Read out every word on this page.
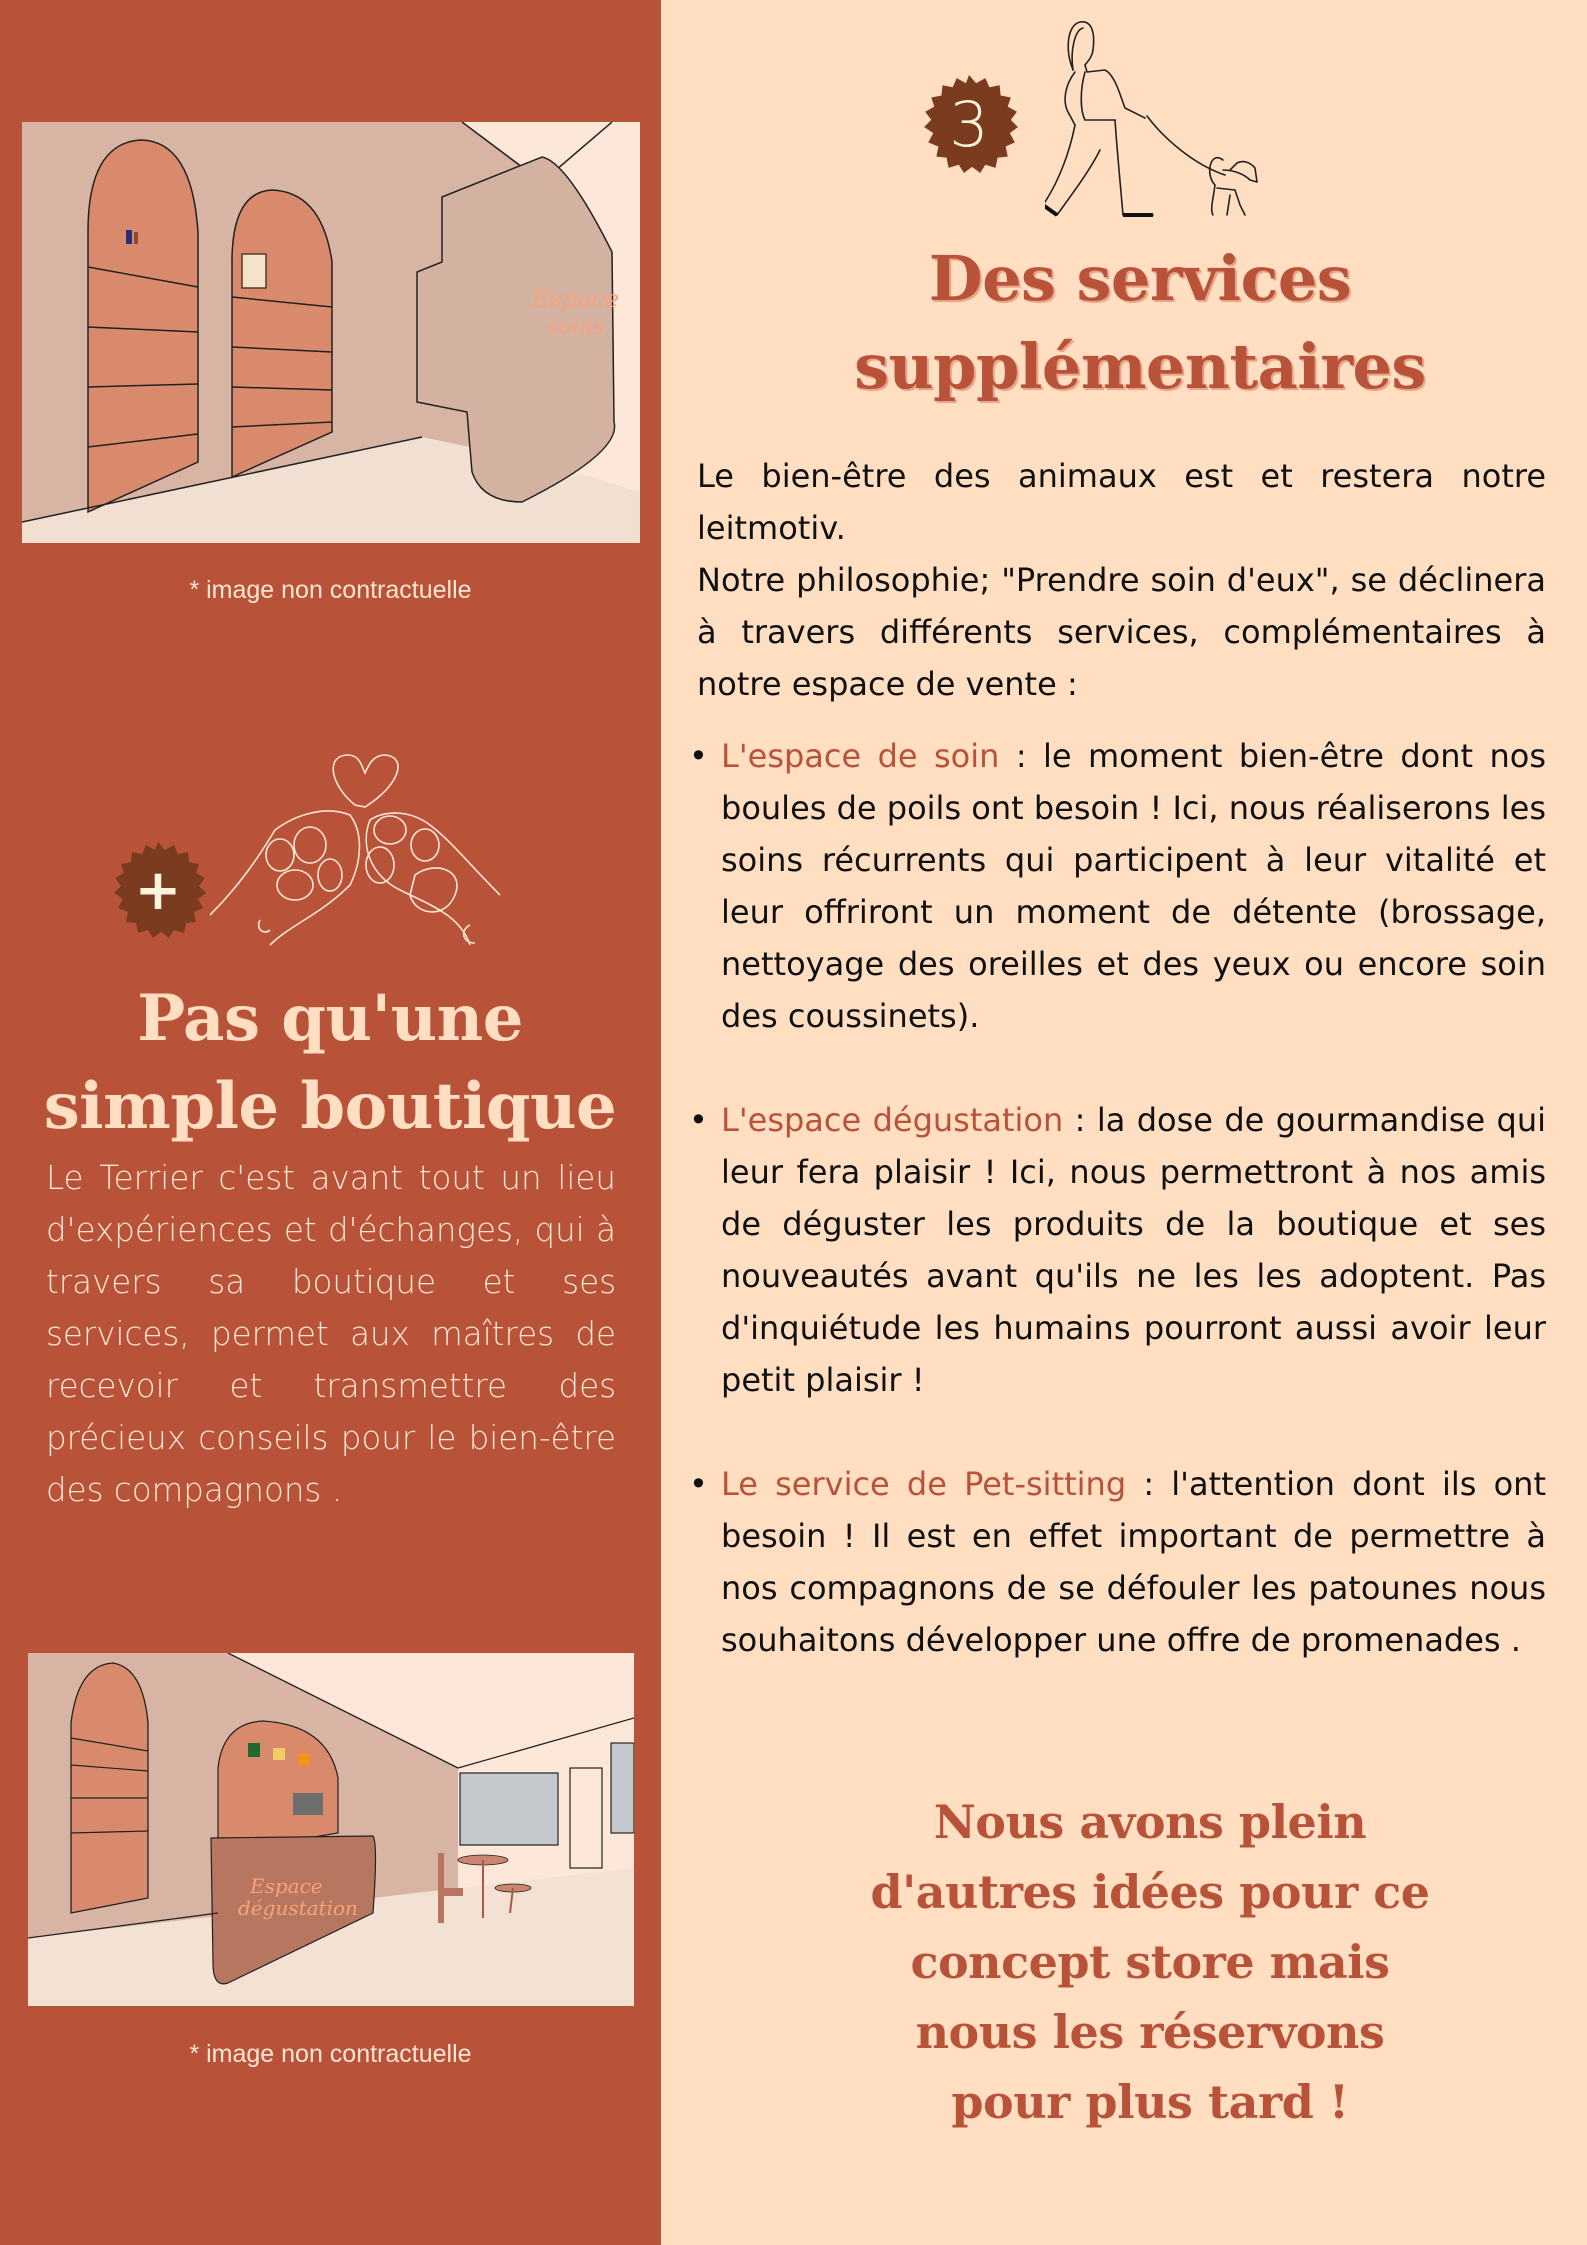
Espace
soins
* image non contractuelle
+
Pas qu'une simple boutique
Le Terrier c'est avant tout un lieu d'expériences et d'échanges, qui à travers sa boutique et ses services, permet aux maîtres de recevoir et transmettre des précieux conseils pour le bien-être des compagnons .
Espace
dégustation
* image non contractuelle
3
Des services supplémentaires

Le bien-être des animaux est et restera notre leitmotiv.

Notre philosophie; "Prendre soin d'eux", se déclinera à travers différents services, complémentaires à notre espace de vente :

• L'espace de soin : le moment bien-être dont nos boules de poils ont besoin ! Ici, nous réaliserons les soins récurrents qui participent à leur vitalité et leur offriront un moment de détente (brossage, nettoyage des oreilles et des yeux ou encore soin des coussinets).
• L'espace dégustation : la dose de gourmandise qui leur fera plaisir ! Ici, nous permettront à nos amis de déguster les produits de la boutique et ses nouveautés avant qu'ils ne les les adoptent. Pas d'inquiétude les humains pourront aussi avoir leur petit plaisir !
• Le service de Pet-sitting : l'attention dont ils ont besoin ! Il est en effet important de permettre à nos compagnons de se défouler les patounes nous souhaitons développer une offre de promenades .
Nous avons plein d'autres idées pour ce concept store mais nous les réservons pour plus tard !
